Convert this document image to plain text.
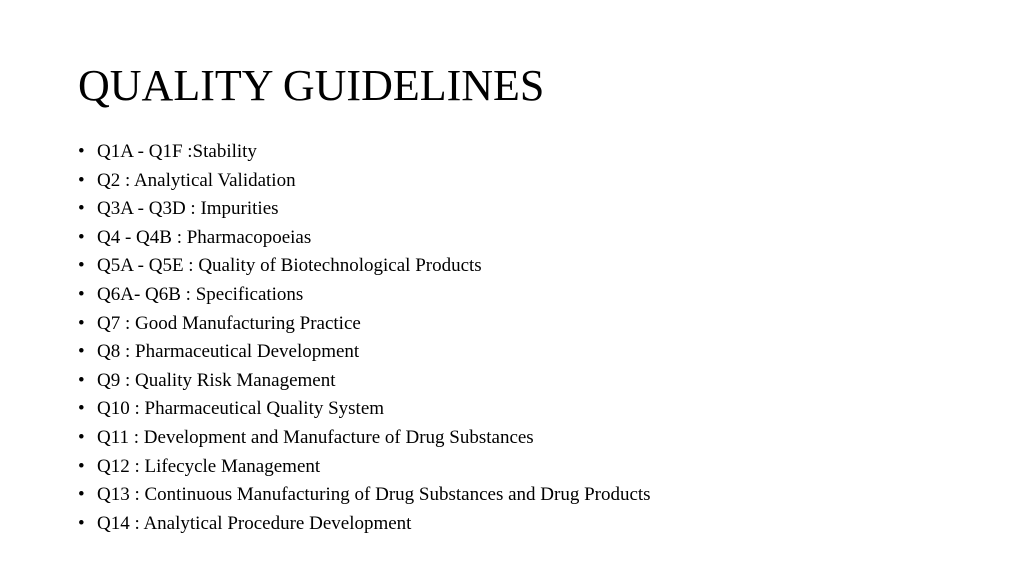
QUALITY GUIDELINES
• Q1A - Q1F :Stability
• Q2 : Analytical Validation
• Q3A - Q3D : Impurities
• Q4 - Q4B : Pharmacopoeias
• Q5A - Q5E : Quality of Biotechnological Products
• Q6A- Q6B : Specifications
• Q7 : Good Manufacturing Practice
• Q8 : Pharmaceutical Development
• Q9 : Quality Risk Management
• Q10 : Pharmaceutical Quality System
• Q11 : Development and Manufacture of Drug Substances
• Q12 : Lifecycle Management
• Q13 : Continuous Manufacturing of Drug Substances and Drug Products
• Q14 : Analytical Procedure Development
